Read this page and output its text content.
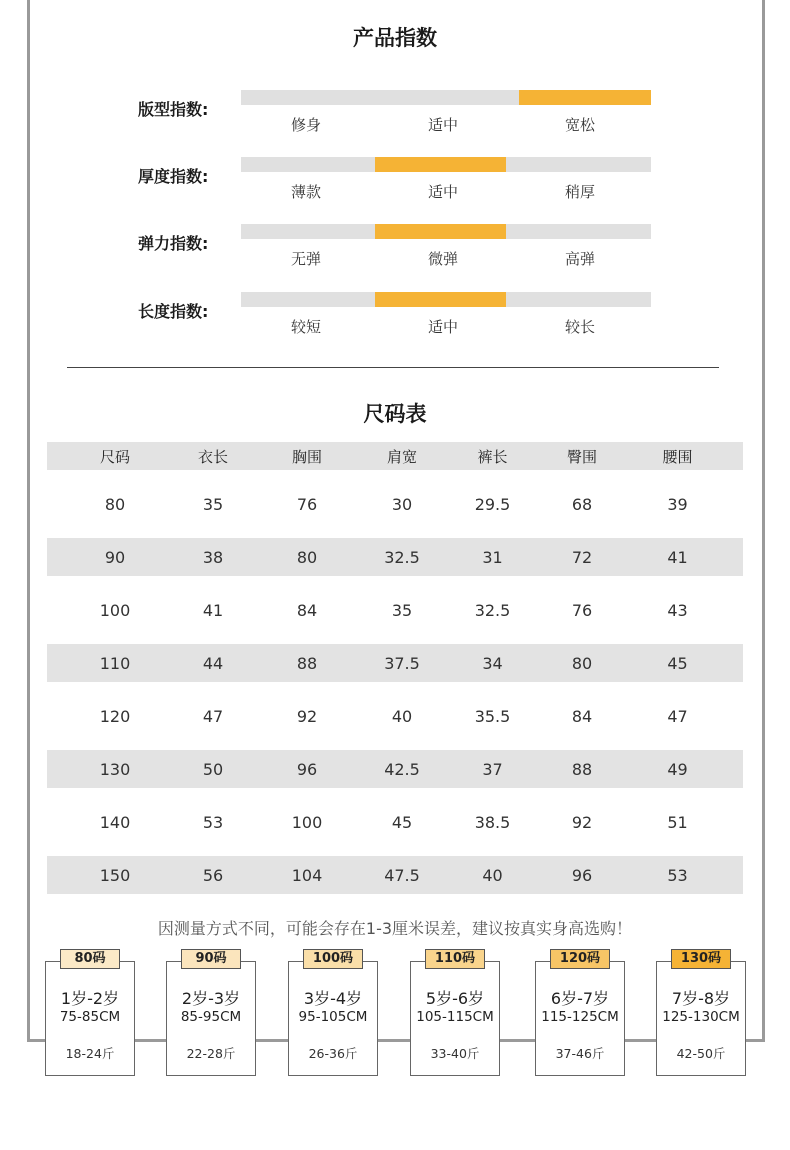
产品指数
版型指数:
修身	适中	宽松
厚度指数:
薄款	适中	稍厚
弹力指数:
无弹	微弹	高弹
长度指数:
较短	适中	较长
尺码表
尺码	衣长	胸围	肩宽	裤长	臀围	腰围

80	35	76	30	29.5	68	39

90	38	80	32.5	31	72	41

100	41	84	35	32.5	76	43

110	44	88	37.5	34	80	45

120	47	92	40	35.5	84	47

130	50	96	42.5	37	88	49

140	53	100	45	38.5	92	51

150	56	104	47.5	40	96	53
因测量方式不同，可能会存在1-3厘米误差，建议按真实身高选购！
80码
1岁-2岁
75-85CM
18-24斤
90码
2岁-3岁
85-95CM
22-28斤
100码
3岁-4岁
95-105CM
26-36斤
110码
5岁-6岁
105-115CM
33-40斤
120码
6岁-7岁
115-125CM
37-46斤
130码
7岁-8岁
125-130CM
42-50斤
